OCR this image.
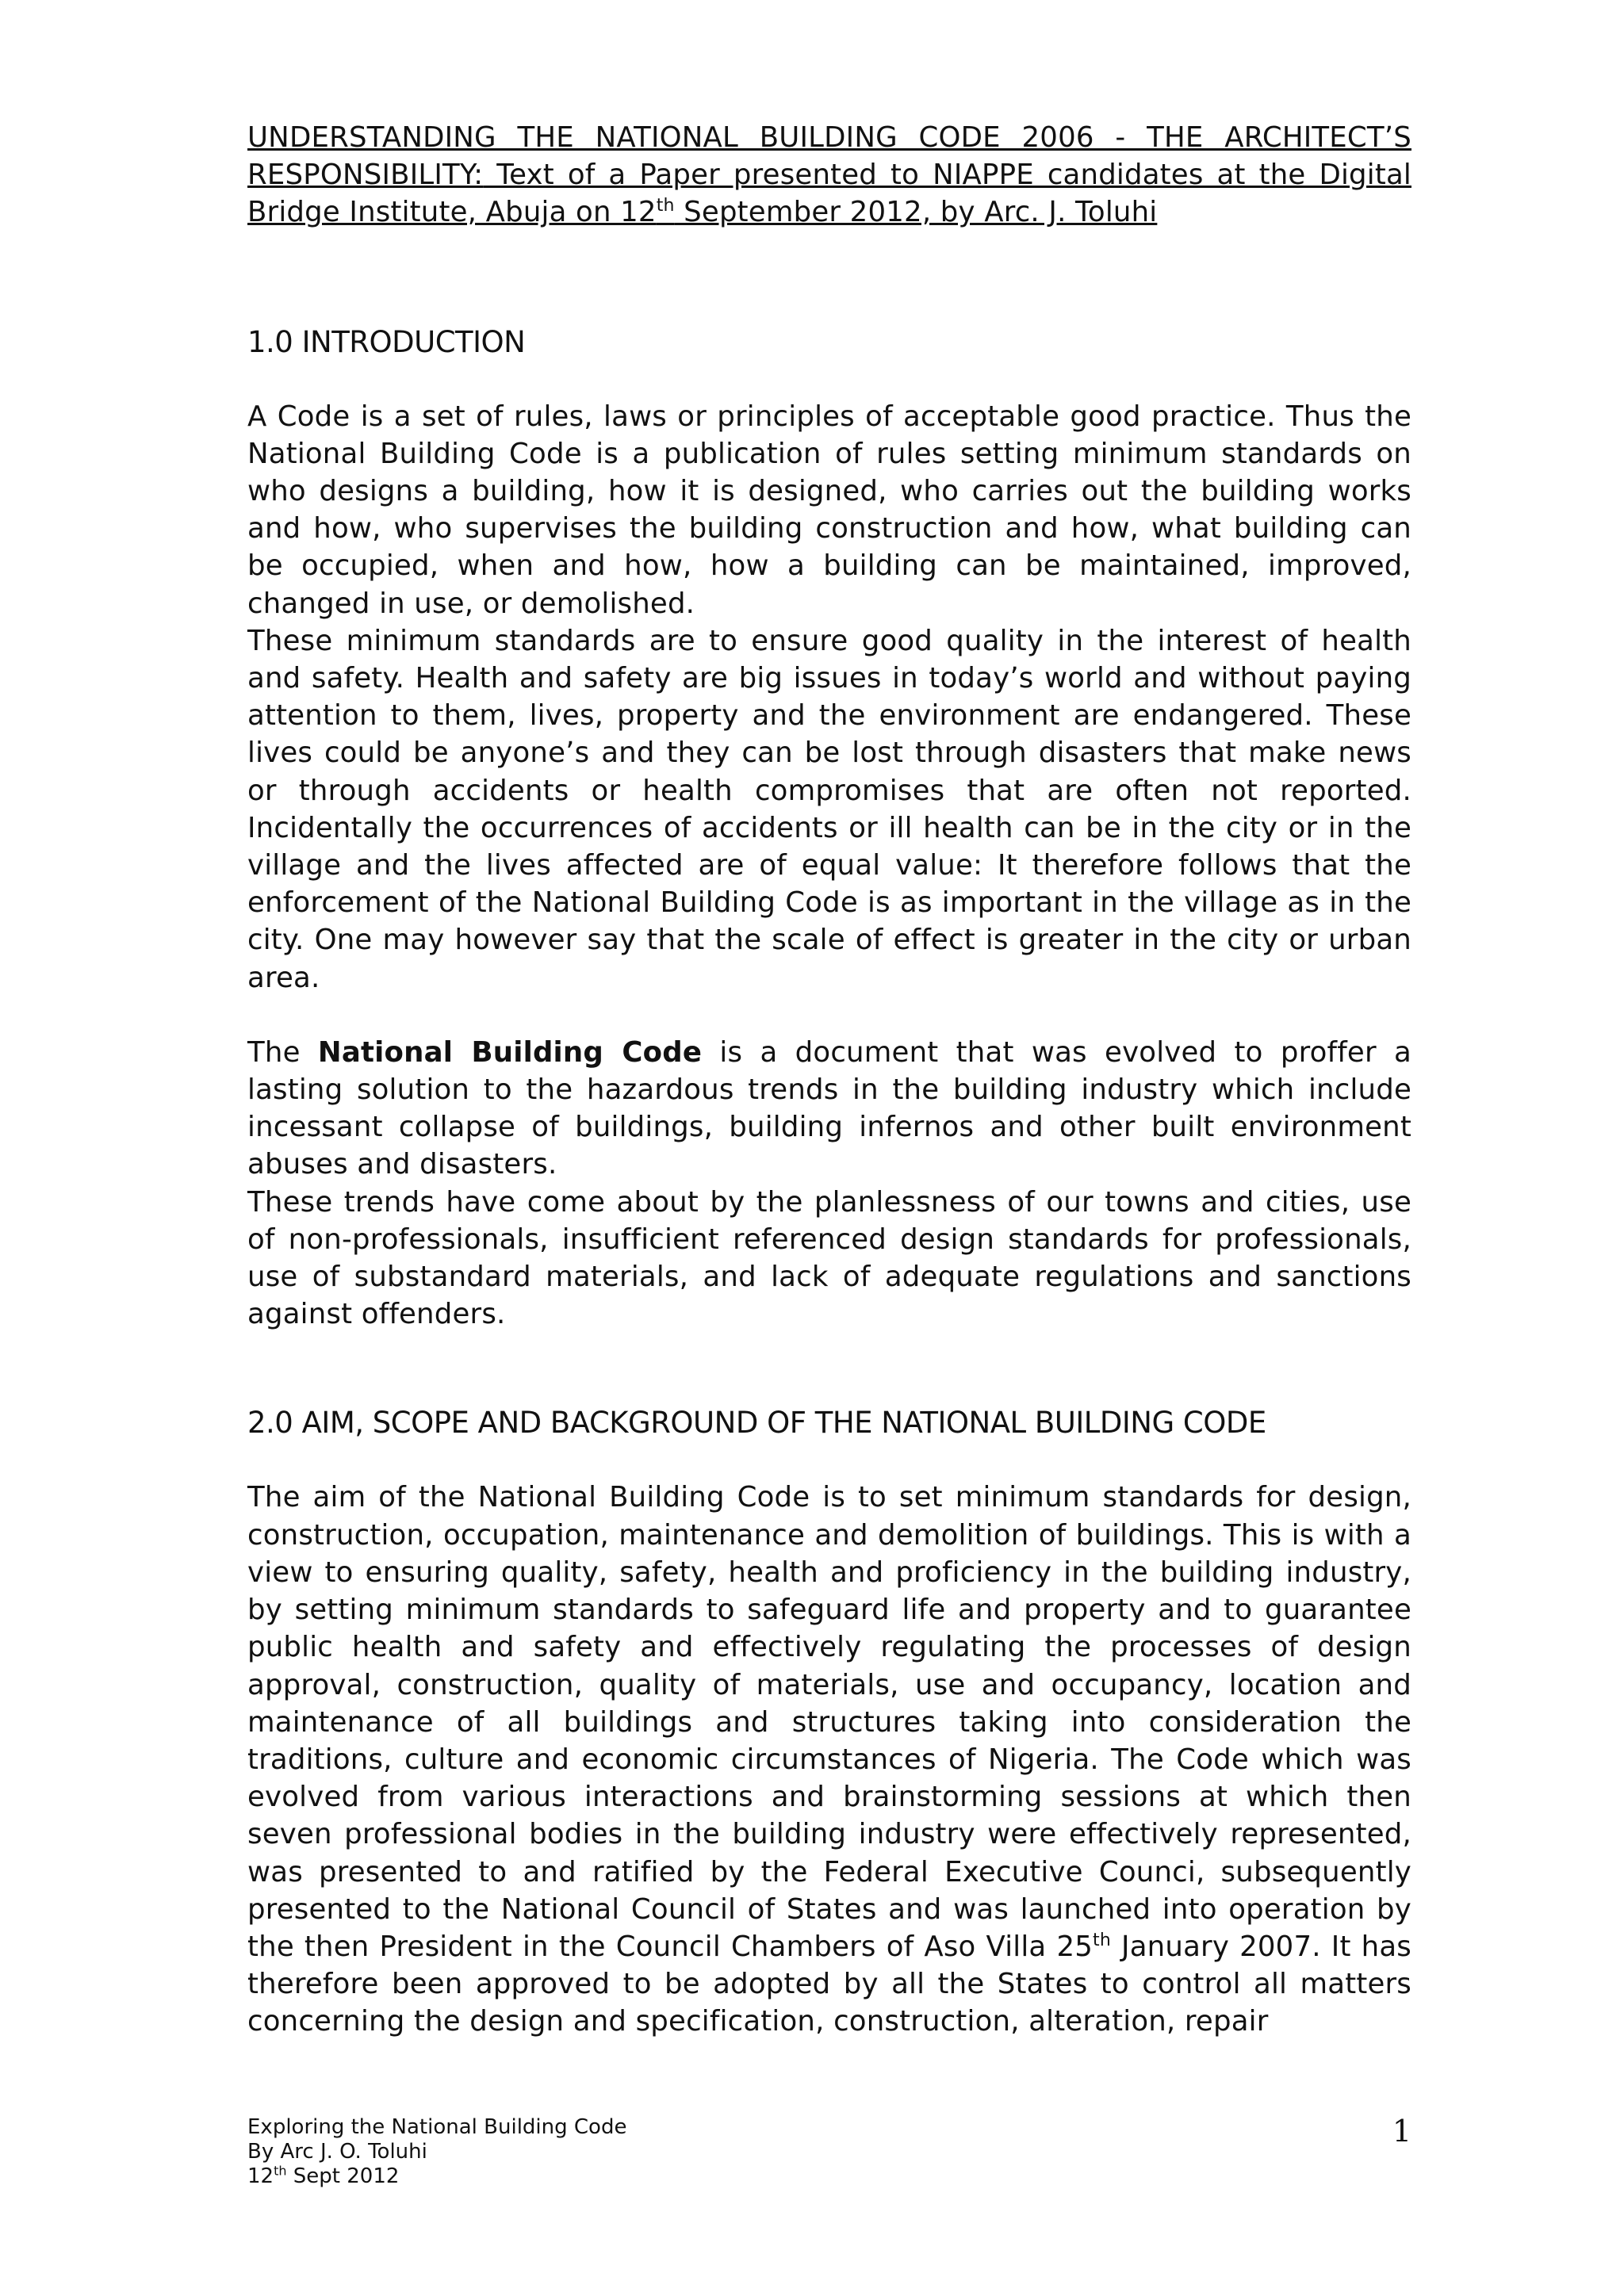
UNDERSTANDING THE NATIONAL BUILDING CODE 2006 - THE ARCHITECT’S RESPONSIBILITY: Text of a Paper presented to NIAPPE candidates at the Digital Bridge Institute, Abuja on 12th September 2012, by Arc. J. Toluhi

1.0 INTRODUCTION

A Code is a set of rules, laws or principles of acceptable good practice. Thus the National Building Code is a publication of rules setting minimum standards on who designs a building, how it is designed, who carries out the building works and how, who supervises the building construction and how, what building can be occupied, when and how, how a building can be maintained, improved, changed in use, or demolished.

These minimum standards are to ensure good quality in the interest of health and safety. Health and safety are big issues in today’s world and without paying attention to them, lives, property and the environment are endangered. These lives could be anyone’s and they can be lost through disasters that make news or through accidents or health compromises that are often not reported. Incidentally the occurrences of accidents or ill health can be in the city or in the village and the lives affected are of equal value: It therefore follows that the enforcement of the National Building Code is as important in the village as in the city. One may however say that the scale of effect is greater in the city or urban area.

The National Building Code is a document that was evolved to proffer a lasting solution to the hazardous trends in the building industry which include incessant collapse of buildings, building infernos and other built environment abuses and disasters.

These trends have come about by the planlessness of our towns and cities, use of non-professionals, insufficient referenced design standards for professionals, use of substandard materials, and lack of adequate regulations and sanctions against offenders.

2.0 AIM, SCOPE AND BACKGROUND OF THE NATIONAL BUILDING CODE

The aim of the National Building Code is to set minimum standards for design, construction, occupation, maintenance and demolition of buildings. This is with a view to ensuring quality, safety, health and proficiency in the building industry, by setting minimum standards to safeguard life and property and to guarantee public health and safety and effectively regulating the processes of design approval, construction, quality of materials, use and occupancy, location and maintenance of all buildings and structures taking into consideration the traditions, culture and economic circumstances of Nigeria. The Code which was evolved from various interactions and brainstorming sessions at which then seven professional bodies in the building industry were effectively represented, was presented to and ratified by the Federal Executive Counci, subsequently presented to the National Council of States and was launched into operation by the then President in the Council Chambers of Aso Villa 25th January 2007. It has therefore been approved to be adopted by all the States to control all matters concerning the design and specification, construction, alteration, repair

Exploring the National Building Code
By Arc J. O. Toluhi
12th Sept 2012
1
